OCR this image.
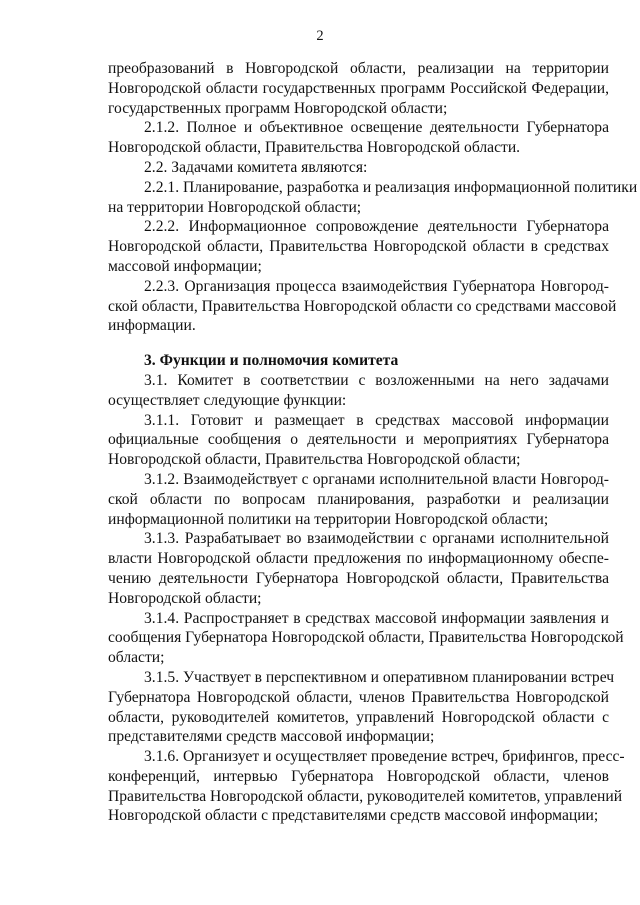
2
преобразований в Новгородской области, реализации на территории
Новгородской области государственных программ Российской Федерации,
государственных программ Новгородской области;
2.1.2. Полное и объективное освещение деятельности Губернатора
Новгородской области, Правительства Новгородской области.
2.2. Задачами комитета являются:
2.2.1. Планирование, разработка и реализация информационной политики
на территории Новгородской области;
2.2.2. Информационное сопровождение деятельности Губернатора
Новгородской области, Правительства Новгородской области в средствах
массовой информации;
2.2.3. Организация процесса взаимодействия Губернатора Новгород-
ской области, Правительства Новгородской области со средствами массовой
информации.
3. Функции и полномочия комитета
3.1. Комитет в соответствии с возложенными на него задачами
осуществляет следующие функции:
3.1.1. Готовит и размещает в средствах массовой информации
официальные сообщения о деятельности и мероприятиях Губернатора
Новгородской области, Правительства Новгородской области;
3.1.2. Взаимодействует с органами исполнительной власти Новгород-
ской области по вопросам планирования, разработки и реализации
информационной политики на территории Новгородской области;
3.1.3. Разрабатывает во взаимодействии с органами исполнительной
власти Новгородской области предложения по информационному обеспе-
чению деятельности Губернатора Новгородской области, Правительства
Новгородской области;
3.1.4. Распространяет в средствах массовой информации заявления и
сообщения Губернатора Новгородской области, Правительства Новгородской
области;
3.1.5. Участвует в перспективном и оперативном планировании встреч
Губернатора Новгородской области, членов Правительства Новгородской
области, руководителей комитетов, управлений Новгородской области с
представителями средств массовой информации;
3.1.6. Организует и осуществляет проведение встреч, брифингов, пресс-
конференций, интервью Губернатора Новгородской области, членов
Правительства Новгородской области, руководителей комитетов, управлений
Новгородской области с представителями средств массовой информации;
